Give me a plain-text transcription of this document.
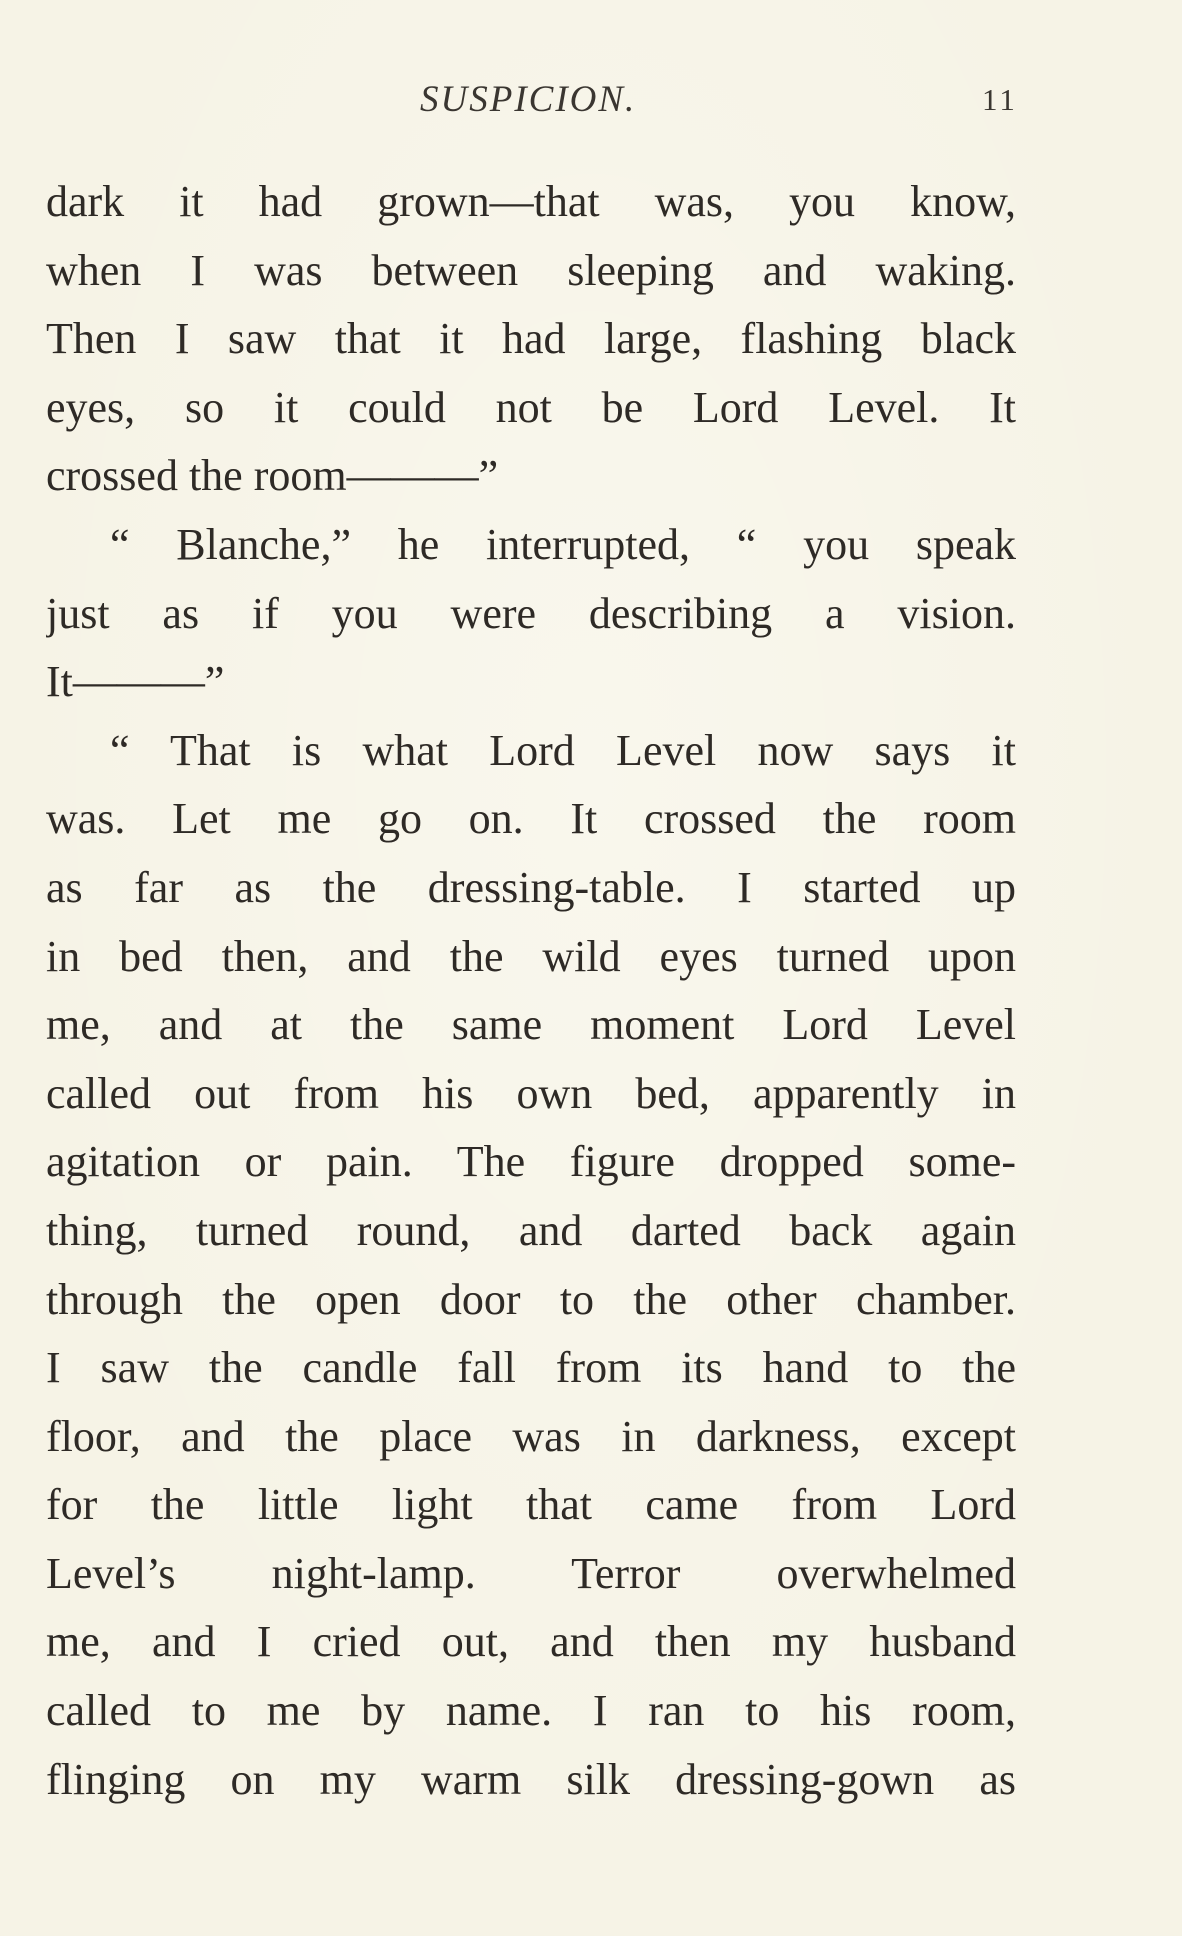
SUSPICION.	11
dark it had grown—that was, you know,
when I was between sleeping and waking.
Then I saw that it had large, flashing black
eyes, so it could not be Lord Level. It
crossed the room———”
“ Blanche,” he interrupted, “ you speak
just as if you were describing a vision.
It———”
“ That is what Lord Level now says it
was. Let me go on. It crossed the room
as far as the dressing-table. I started up
in bed then, and the wild eyes turned upon
me, and at the same moment Lord Level
called out from his own bed, apparently in
agitation or pain. The figure dropped some-
thing, turned round, and darted back again
through the open door to the other chamber.
I saw the candle fall from its hand to the
floor, and the place was in darkness, except
for the little light that came from Lord
Level’s night-lamp. Terror overwhelmed
me, and I cried out, and then my husband
called to me by name. I ran to his room,
flinging on my warm silk dressing-gown as
